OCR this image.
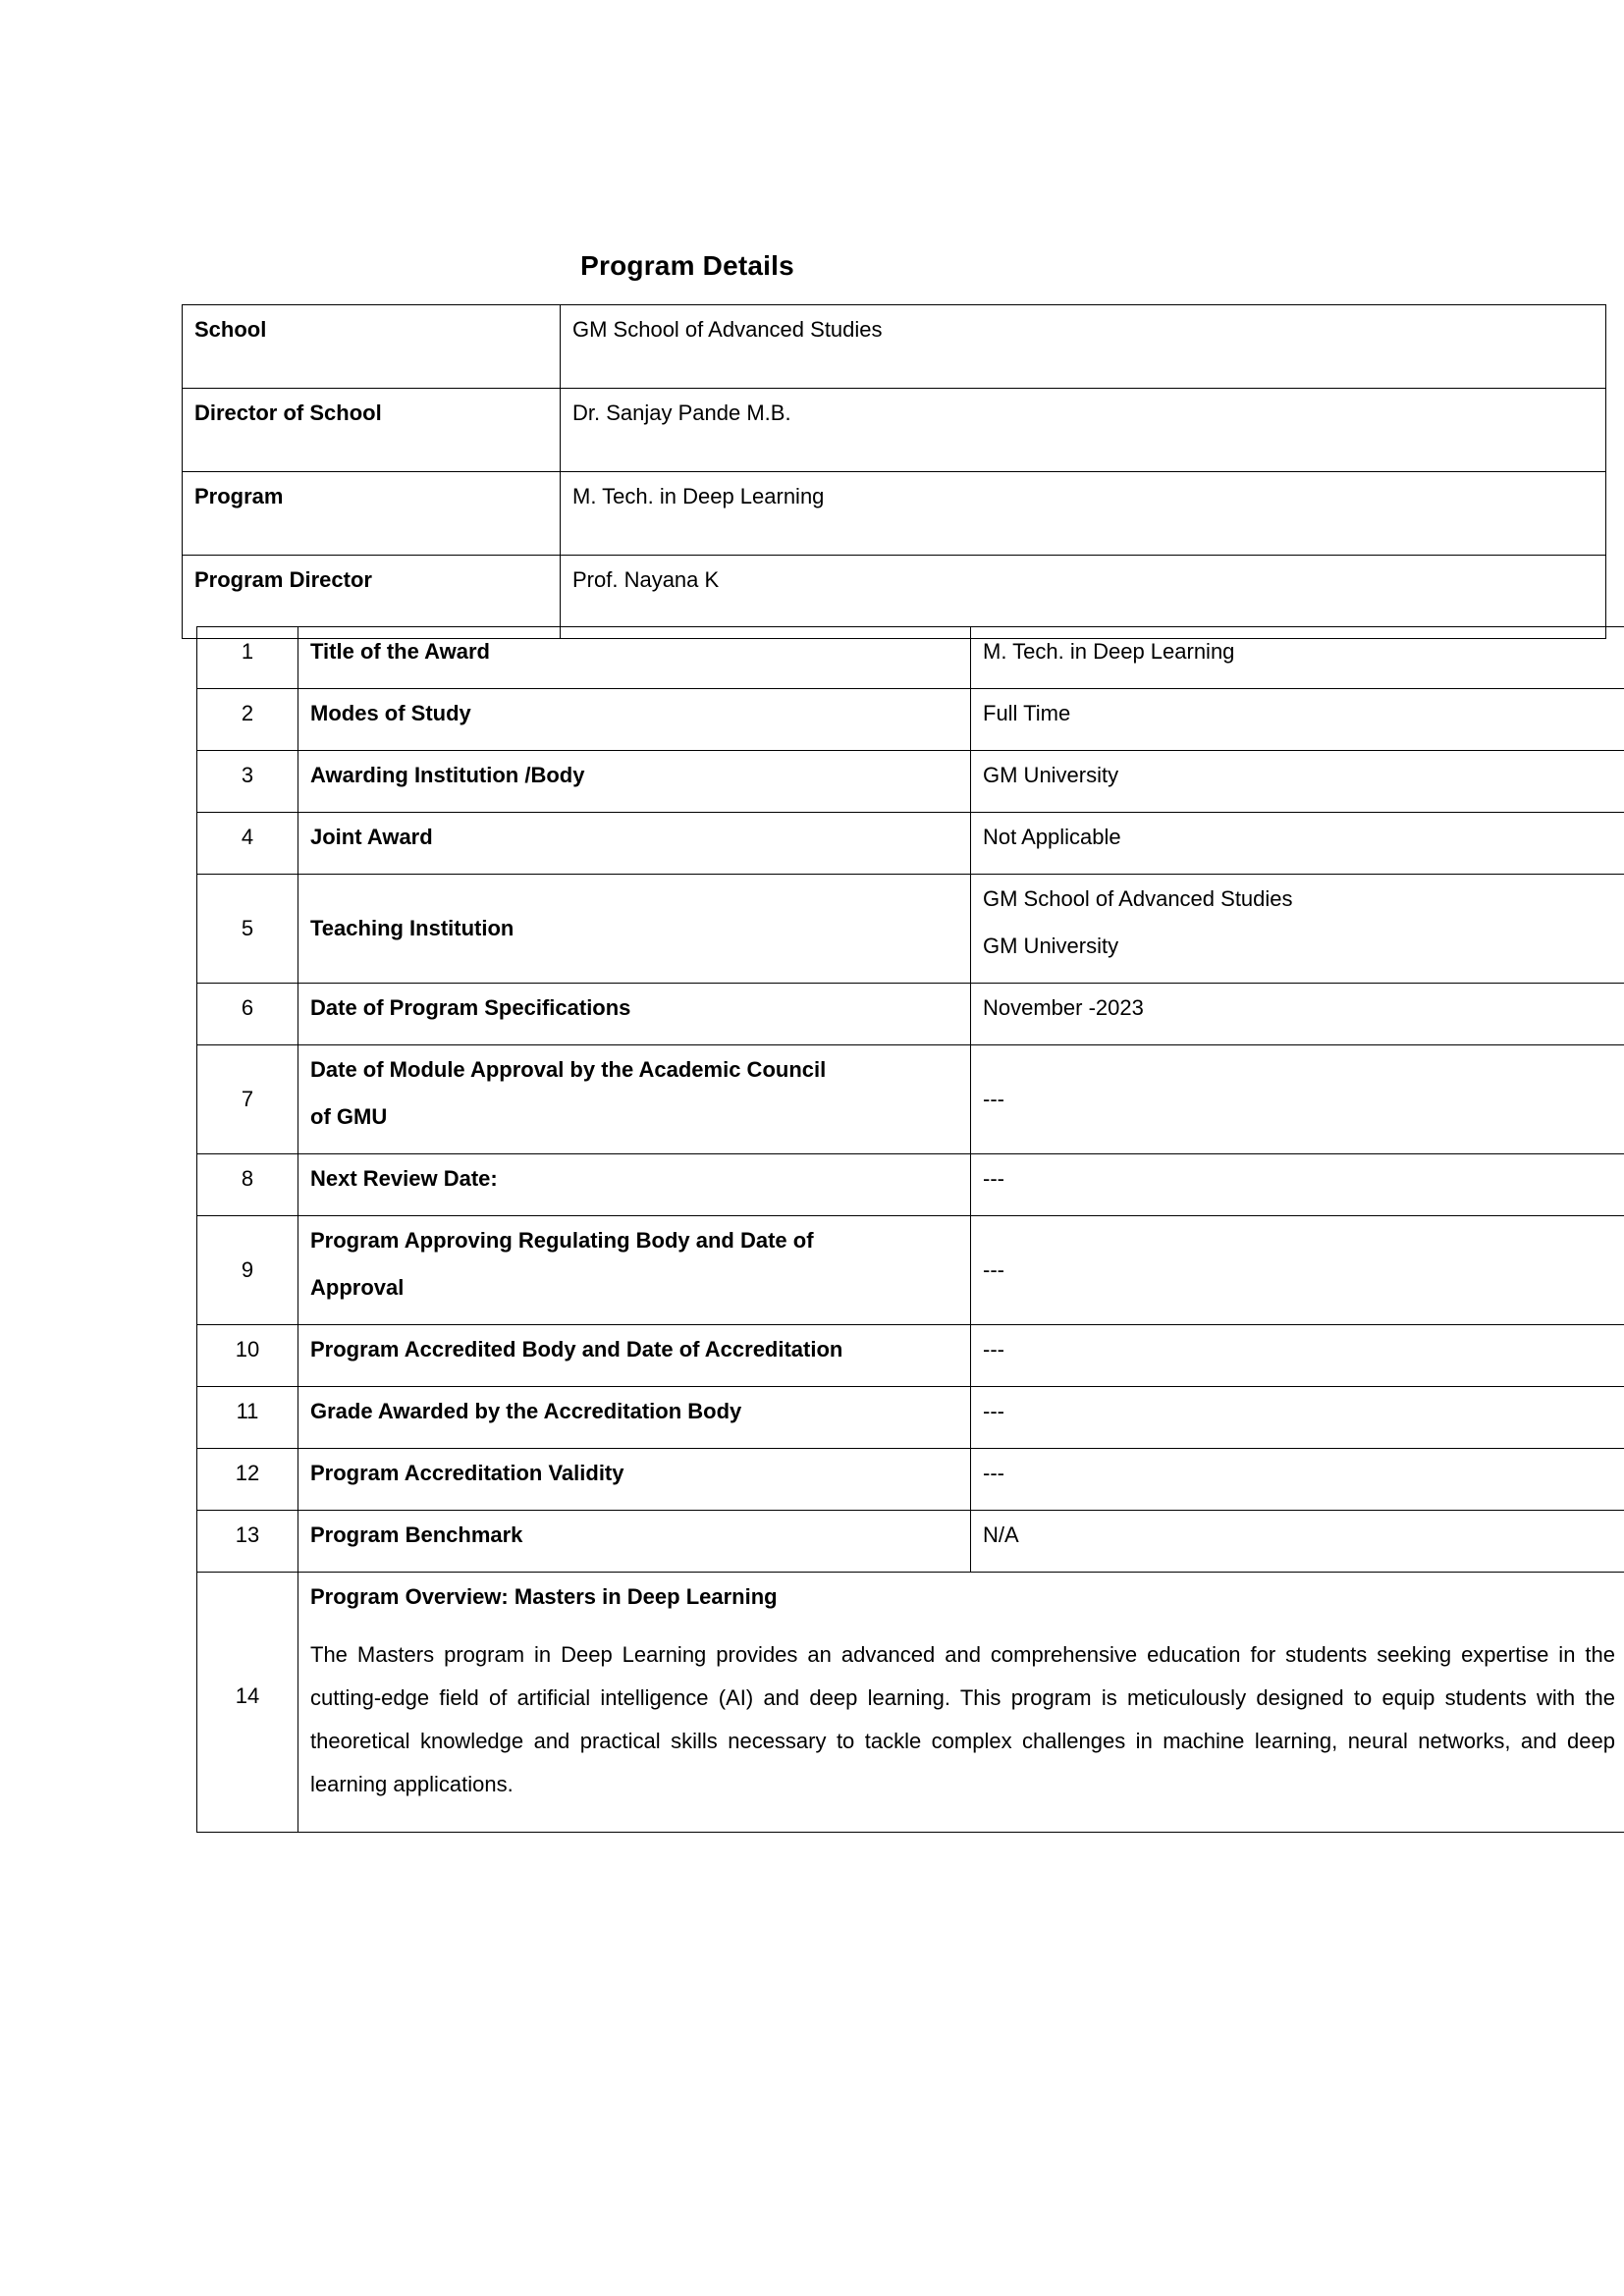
Program Details
School	GM School of Advanced Studies
Director of School	Dr. Sanjay Pande M.B.
Program	M. Tech. in Deep Learning
Program Director	Prof. Nayana K
1	Title of the Award	M. Tech. in Deep Learning
2	Modes of Study	Full Time
3	Awarding Institution /Body	GM University
4	Joint Award	Not Applicable
5	Teaching Institution	GM School of Advanced Studies
GM University

6	Date of Program Specifications	November -2023
7	Date of Module Approval by the Academic Council
of GMU	---
8	Next Review Date:	---
9	Program Approving Regulating Body and Date of
Approval	---
10	Program Accredited Body and Date of Accreditation	---
11	Grade Awarded by the Accreditation Body	---
12	Program Accreditation Validity	---
13	Program Benchmark	N/A
14	Program Overview: Masters in Deep Learning
The Masters program in Deep Learning provides an advanced and comprehensive education for students seeking expertise in the cutting-edge field of artificial intelligence (AI) and deep learning. This program is meticulously designed to equip students with the theoretical knowledge and practical skills necessary to tackle complex challenges in machine learning, neural networks, and deep learning applications.	
